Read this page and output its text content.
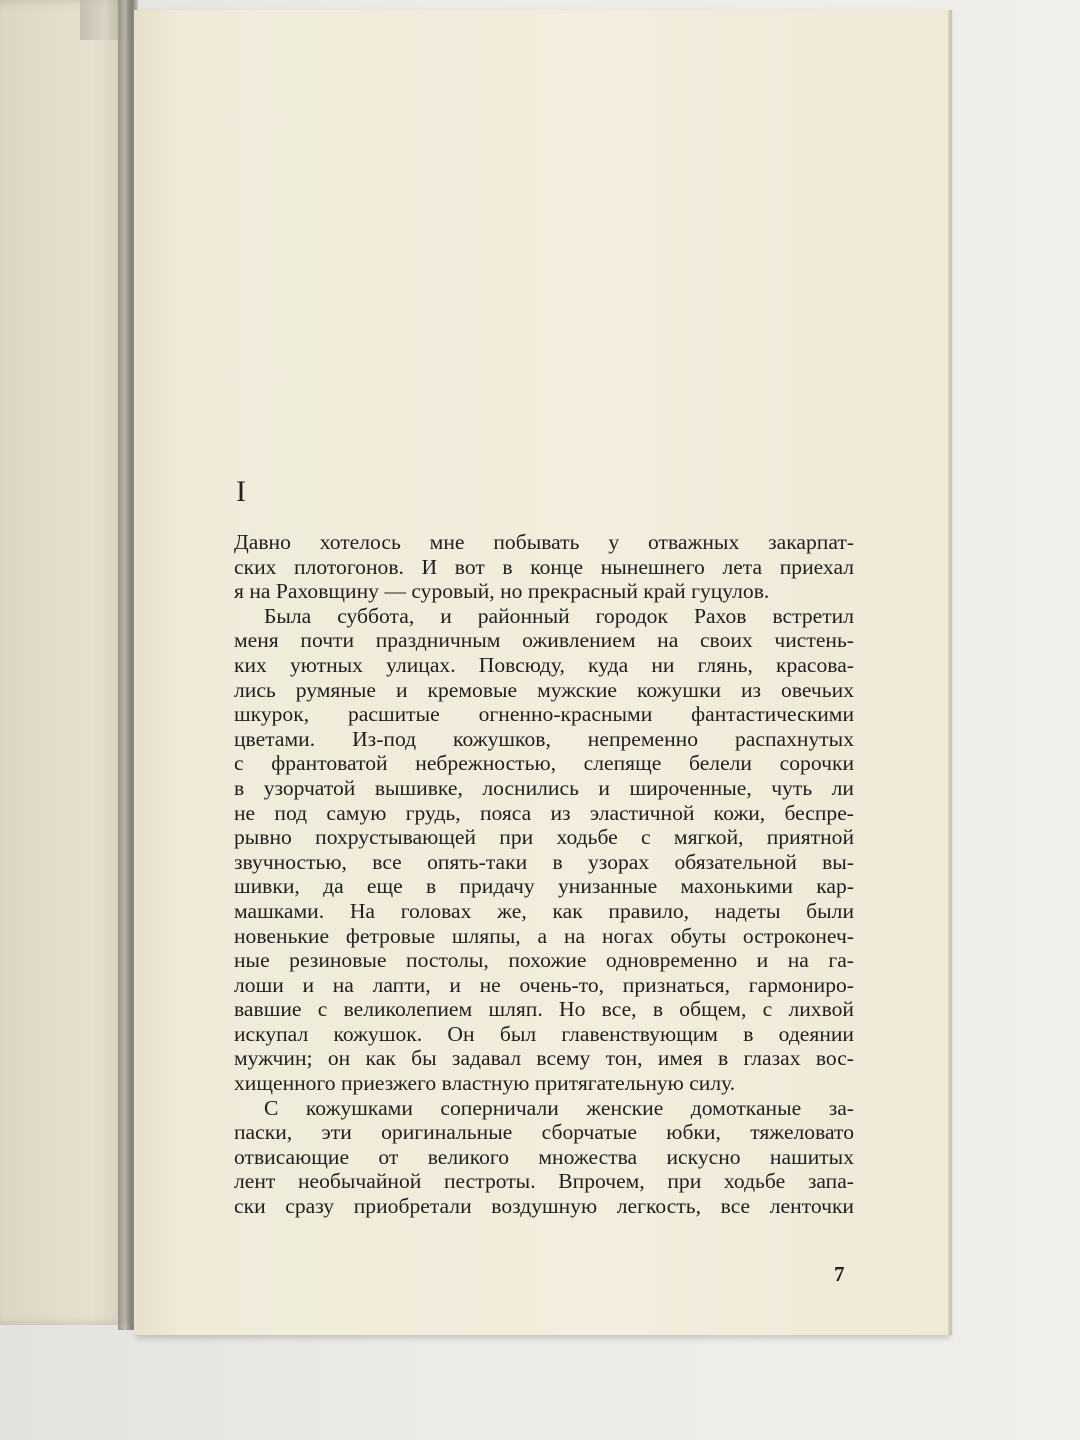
I
Давно хотелось мне побывать у отважных закарпат-
ских плотогонов. И вот в конце нынешнего лета приехал
я на Раховщину — суровый, но прекрасный край гуцулов.
Была суббота, и районный городок Рахов встретил
меня почти праздничным оживлением на своих чистень-
ких уютных улицах. Повсюду, куда ни глянь, красова-
лись румяные и кремовые мужские кожушки из овечьих
шкурок, расшитые огненно-красными фантастическими
цветами. Из-под кожушков, непременно распахнутых
с франтоватой небрежностью, слепяще белели сорочки
в узорчатой вышивке, лоснились и широченные, чуть ли
не под самую грудь, пояса из эластичной кожи, беспре-
рывно похрустывающей при ходьбе с мягкой, приятной
звучностью, все опять-таки в узорах обязательной вы-
шивки, да еще в придачу унизанные махонькими кар-
машками. На головах же, как правило, надеты были
новенькие фетровые шляпы, а на ногах обуты остроконеч-
ные резиновые постолы, похожие одновременно и на га-
лоши и на лапти, и не очень-то, признаться, гармониро-
вавшие с великолепием шляп. Но все, в общем, с лихвой
искупал кожушок. Он был главенствующим в одеянии
мужчин; он как бы задавал всему тон, имея в глазах вос-
хищенного приезжего властную притягательную силу.
С кожушками соперничали женские домотканые за-
паски, эти оригинальные сборчатые юбки, тяжеловато
отвисающие от великого множества искусно нашитых
лент необычайной пестроты. Впрочем, при ходьбе запа-
ски сразу приобретали воздушную легкость, все ленточки
7
